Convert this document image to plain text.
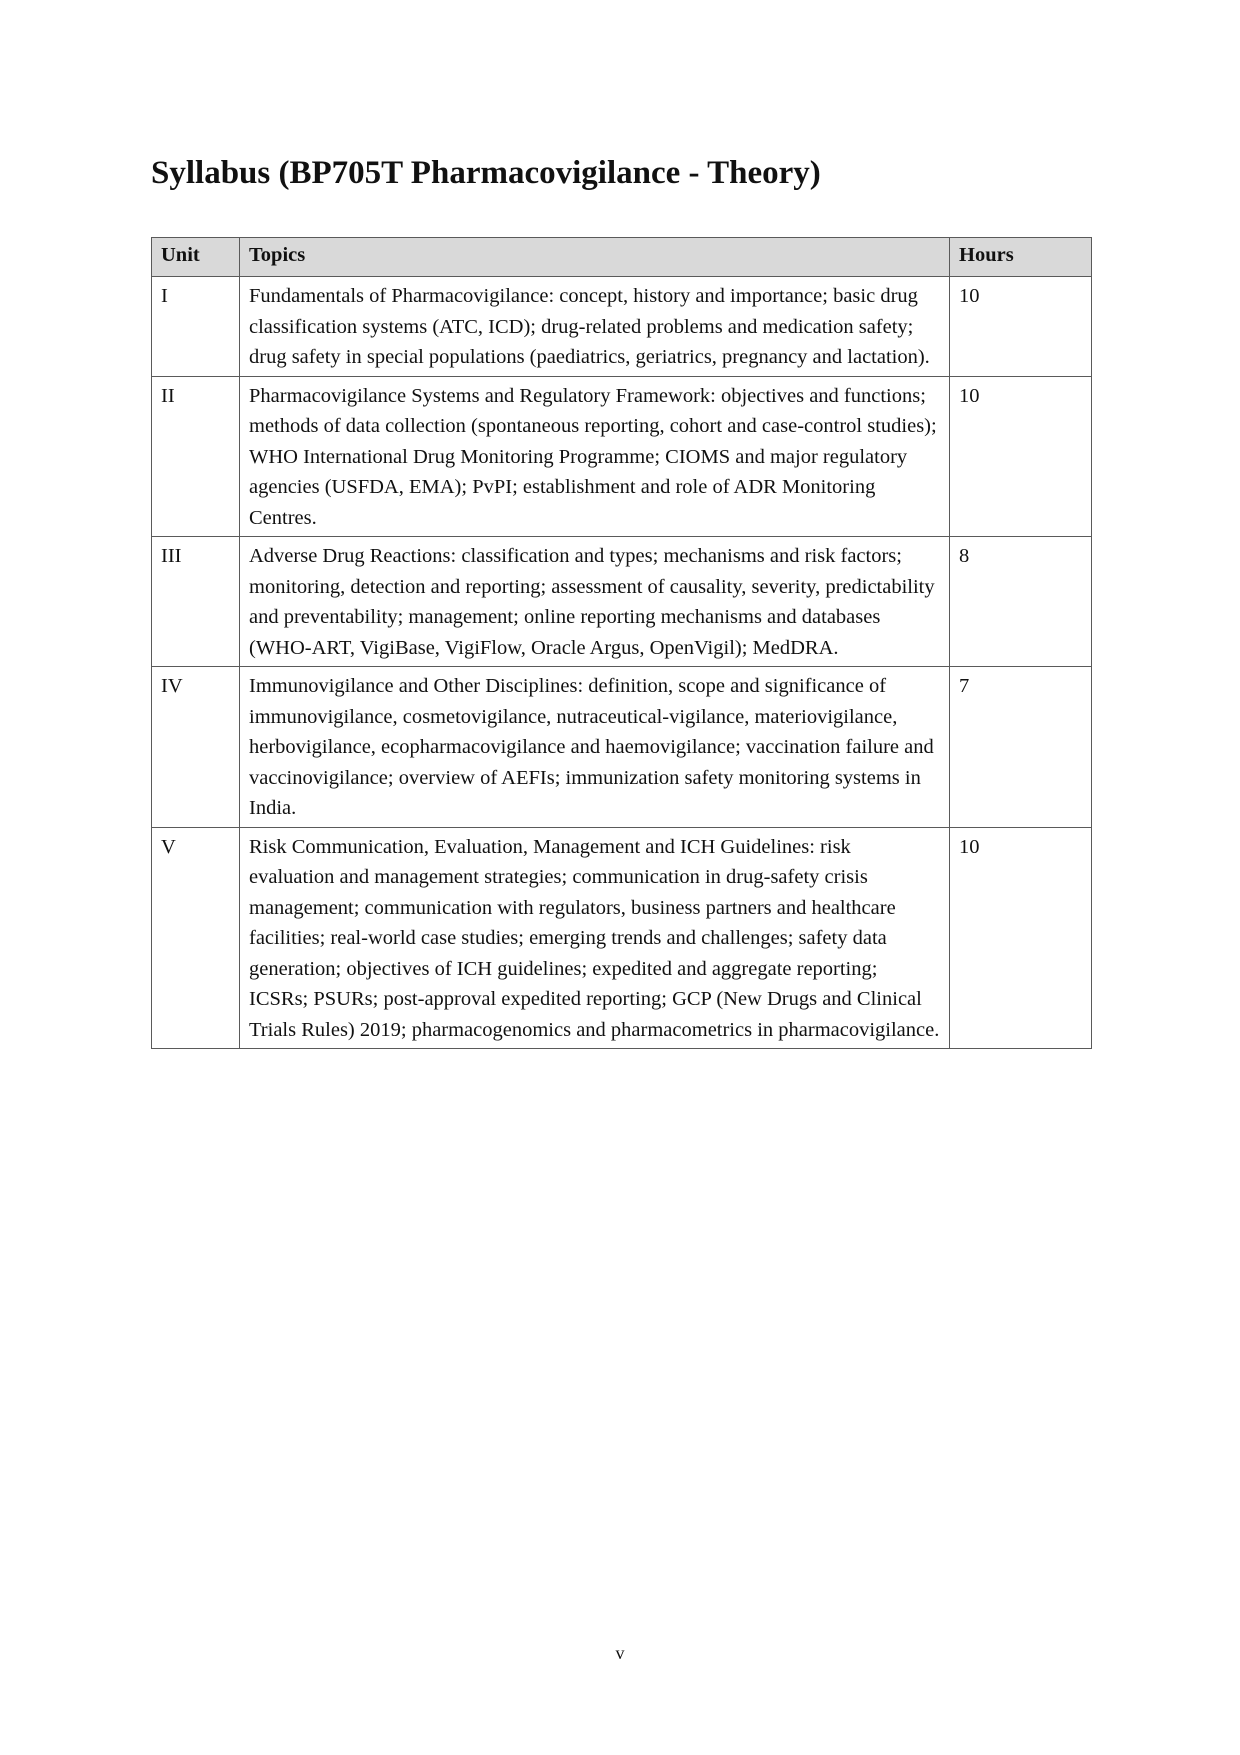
Syllabus (BP705T Pharmacovigilance - Theory)
Unit	Topics	Hours
I	Fundamentals of Pharmacovigilance: concept, history and importance; basic drug classification systems (ATC, ICD); drug-related problems and medication safety; drug safety in special populations (paediatrics, geriatrics, pregnancy and lactation).	10
II	Pharmacovigilance Systems and Regulatory Framework: objectives and functions; methods of data collection (spontaneous reporting, cohort and case-control studies); WHO International Drug Monitoring Programme; CIOMS and major regulatory agencies (USFDA, EMA); PvPI; establishment and role of ADR Monitoring Centres.	10
III	Adverse Drug Reactions: classification and types; mechanisms and risk factors; monitoring, detection and reporting; assessment of causality, severity, predictability and preventability; management; online reporting mechanisms and databases (WHO-ART, VigiBase, VigiFlow, Oracle Argus, OpenVigil); MedDRA.	8
IV	Immunovigilance and Other Disciplines: definition, scope and significance of immunovigilance, cosmetovigilance, nutraceutical-vigilance, materiovigilance, herbovigilance, ecopharmacovigilance and haemovigilance; vaccination failure and vaccinovigilance; overview of AEFIs; immunization safety monitoring systems in India.	7
V	Risk Communication, Evaluation, Management and ICH Guidelines: risk evaluation and management strategies; communication in drug-safety crisis management; communication with regulators, business partners and healthcare facilities; real-world case studies; emerging trends and challenges; safety data generation; objectives of ICH guidelines; expedited and aggregate reporting; ICSRs; PSURs; post-approval expedited reporting; GCP (New Drugs and Clinical Trials Rules) 2019; pharmacogenomics and pharmacometrics in pharmacovigilance.	10
v
